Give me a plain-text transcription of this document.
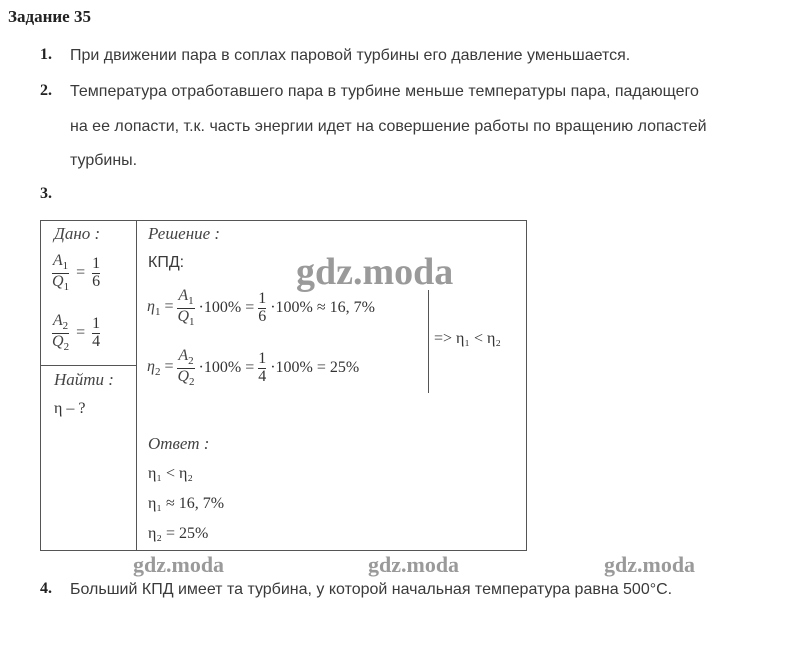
Задание 35
1. При движении пара в соплах паровой турбины его давление уменьшается.
2. Температура отработавшего пара в турбине меньше температуры пара, падающего
на ее лопасти, т.к. часть энергии идет на совершение работы по вращению лопастей
турбины.
3.
Дано :
$\frac{A_1}{Q_1} = \frac{1}{6}$
$\frac{A_2}{Q_2} = \frac{1}{4}$
Найти :
η – ?
Решение :
КПД:
$\eta_1 = \frac{A_1}{Q_1} \cdot 100\% = \frac{1}{6} \cdot 100\% \approx 16$, 7%
$\eta_2 = \frac{A_2}{Q_2} \cdot 100\% = \frac{1}{4} \cdot 100\% = 25\%$
=> η₁ < η₂
Ответ :
η₁ < η₂
η₁ ≈ 16, 7%
η₂ = 25%
gdz.moda
gdz.moda	gdz.moda	gdz.moda
4. Больший КПД имеет та турбина, у которой начальная температура равна 500°С.
